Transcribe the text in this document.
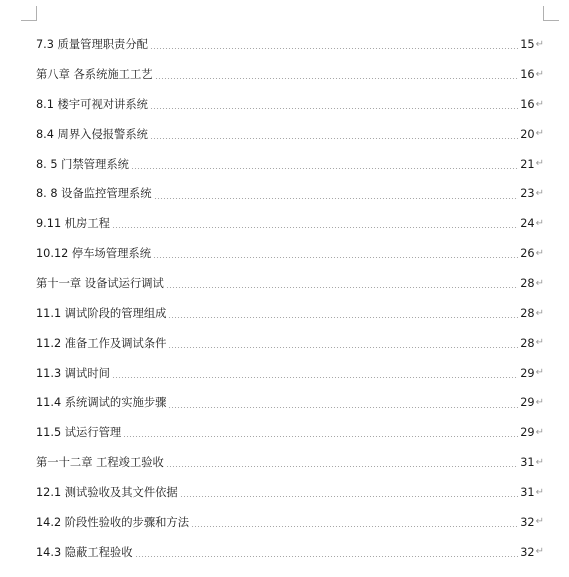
7.3 质量管理职责分配	15 ↵
第八章 各系统施工工艺	16 ↵
8.1 楼宇可视对讲系统	16 ↵
8.4 周界入侵报警系统	20 ↵
8. 5 门禁管理系统	21 ↵
8. 8 设备监控管理系统	23 ↵
9.11 机房工程	24 ↵
10.12 停车场管理系统	26 ↵
第十一章 设备试运行调试	28 ↵
11.1 调试阶段的管理组成	28 ↵
11.2 准备工作及调试条件	28 ↵
11.3 调试时间	29 ↵
11.4 系统调试的实施步骤	29 ↵
11.5 试运行管理	29 ↵
第一十二章 工程竣工验收	31 ↵
12.1 测试验收及其文件依据	31 ↵
14.2 阶段性验收的步骤和方法	32 ↵
14.3 隐蔽工程验收	32 ↵
